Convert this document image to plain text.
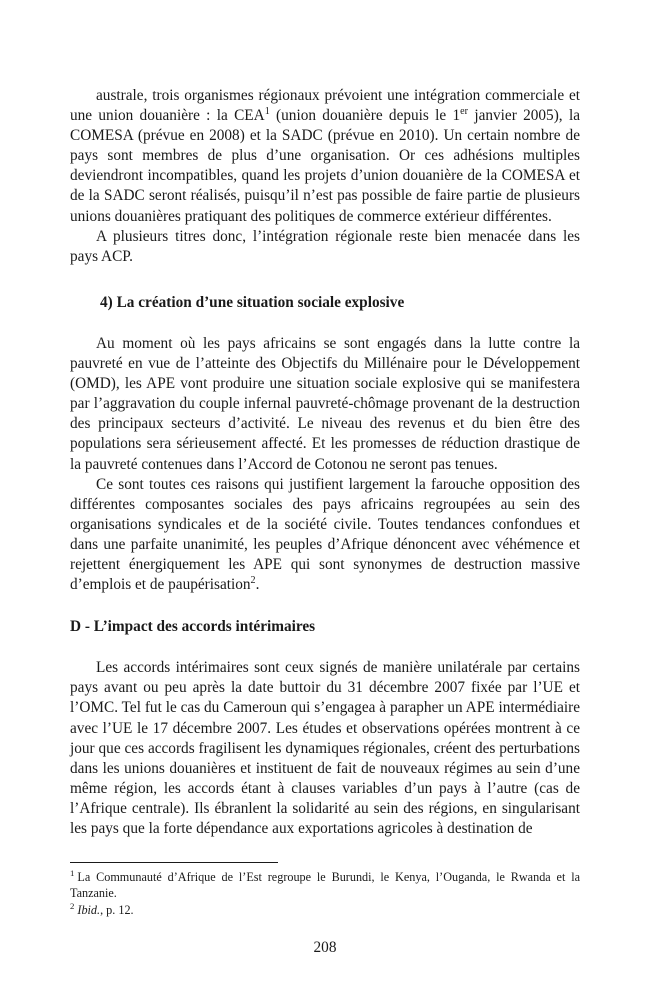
australe, trois organismes régionaux prévoient une intégration commerciale et une union douanière : la CEA$^1$ (union douanière depuis le 1er janvier 2005), la COMESA (prévue en 2008) et la SADC (prévue en 2010). Un certain nombre de pays sont membres de plus d’une organisation. Or ces adhésions multiples deviendront incompatibles, quand les projets d’union douanière de la COMESA et de la SADC seront réalisés, puisqu’il n’est pas possible de faire partie de plusieurs unions douanières pratiquant des politiques de commerce extérieur différentes.

A plusieurs titres donc, l’intégration régionale reste bien menacée dans les pays ACP.

4) La création d’une situation sociale explosive

Au moment où les pays africains se sont engagés dans la lutte contre la pauvreté en vue de l’atteinte des Objectifs du Millénaire pour le Développement (OMD), les APE vont produire une situation sociale explosive qui se manifestera par l’aggravation du couple infernal pauvreté-chômage provenant de la destruction des principaux secteurs d’activité. Le niveau des revenus et du bien être des populations sera sérieusement affecté. Et les promesses de réduction drastique de la pauvreté contenues dans l’Accord de Cotonou ne seront pas tenues.

Ce sont toutes ces raisons qui justifient largement la farouche opposition des différentes composantes sociales des pays africains regroupées au sein des organisations syndicales et de la société civile. Toutes tendances confondues et dans une parfaite unanimité, les peuples d’Afrique dénoncent avec véhémence et rejettent énergiquement les APE qui sont synonymes de destruction massive d’emplois et de paupérisation$^2$.

D - L’impact des accords intérimaires

Les accords intérimaires sont ceux signés de manière unilatérale par certains pays avant ou peu après la date buttoir du 31 décembre 2007 fixée par l’UE et l’OMC. Tel fut le cas du Cameroun qui s’engagea à parapher un APE intermédiaire avec l’UE le 17 décembre 2007. Les études et observations opérées montrent à ce jour que ces accords fragilisent les dynamiques régionales, créent des perturbations dans les unions douanières et instituent de fait de nouveaux régimes au sein d’une même région, les accords étant à clauses variables d’un pays à l’autre (cas de l’Afrique centrale). Ils ébranlent la solidarité au sein des régions, en singularisant les pays que la forte dépendance aux exportations agricoles à destination de

$^1$ La Communauté d’Afrique de l’Est regroupe le Burundi, le Kenya, l’Ouganda, le Rwanda et la Tanzanie.

$^2$ Ibid., p. 12.

208
